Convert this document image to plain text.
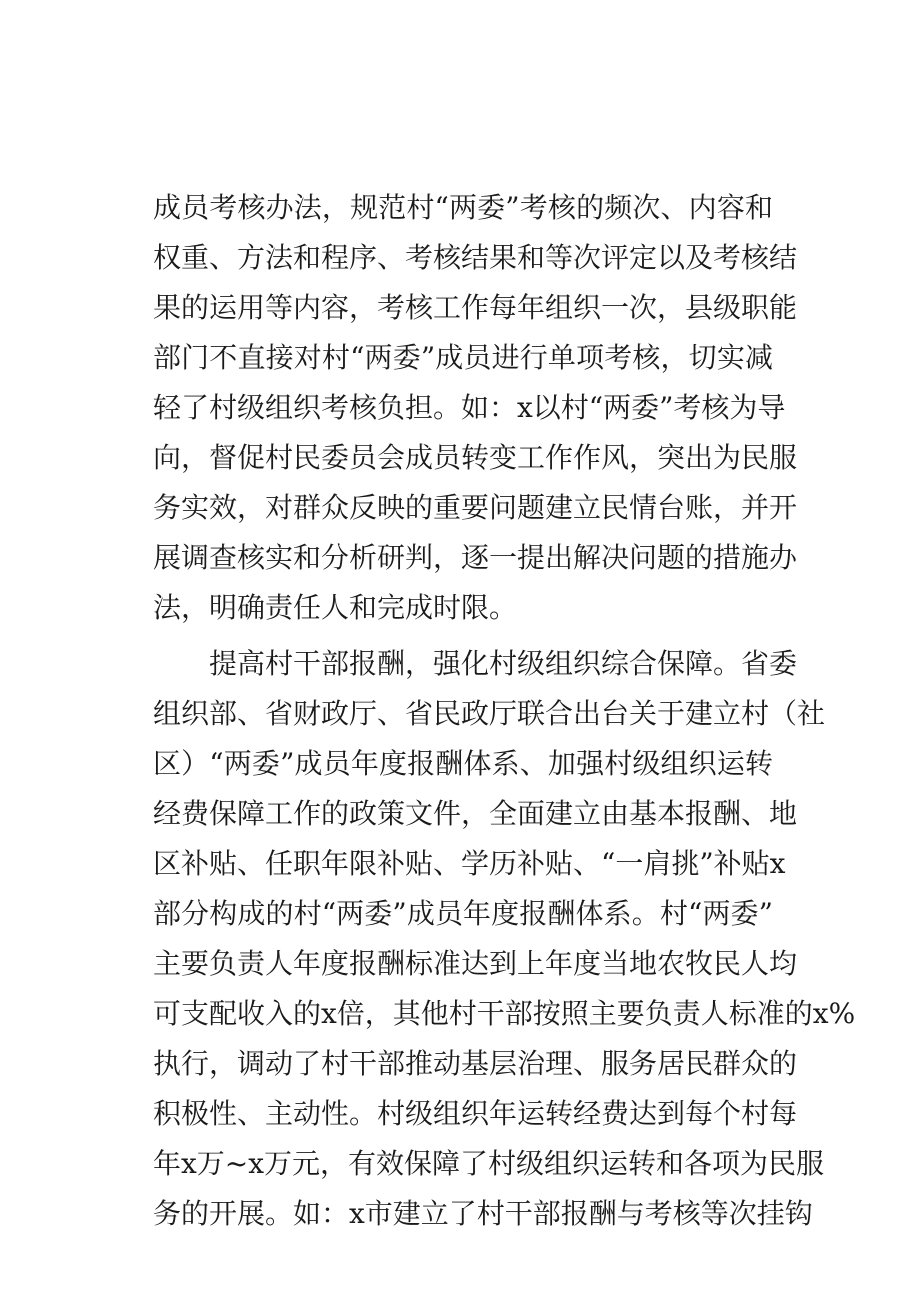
成员考核办法，规范村“两委”考核的频次、内容和
权重、方法和程序、考核结果和等次评定以及考核结
果的运用等内容，考核工作每年组织一次，县级职能
部门不直接对村“两委”成员进行单项考核，切实减
轻了村级组织考核负担。如：x以村“两委”考核为导
向，督促村民委员会成员转变工作作风，突出为民服
务实效，对群众反映的重要问题建立民情台账，并开
展调查核实和分析研判，逐一提出解决问题的措施办
法，明确责任人和完成时限。
提高村干部报酬，强化村级组织综合保障。省委
组织部、省财政厅、省民政厅联合出台关于建立村（社
区）“两委”成员年度报酬体系、加强村级组织运转
经费保障工作的政策文件，全面建立由基本报酬、地
区补贴、任职年限补贴、学历补贴、“一肩挑”补贴x
部分构成的村“两委”成员年度报酬体系。村“两委”
主要负责人年度报酬标准达到上年度当地农牧民人均
可支配收入的x倍，其他村干部按照主要负责人标准的x%
执行，调动了村干部推动基层治理、服务居民群众的
积极性、主动性。村级组织年运转经费达到每个村每
年x万~x万元，有效保障了村级组织运转和各项为民服
务的开展。如：x市建立了村干部报酬与考核等次挂钩
